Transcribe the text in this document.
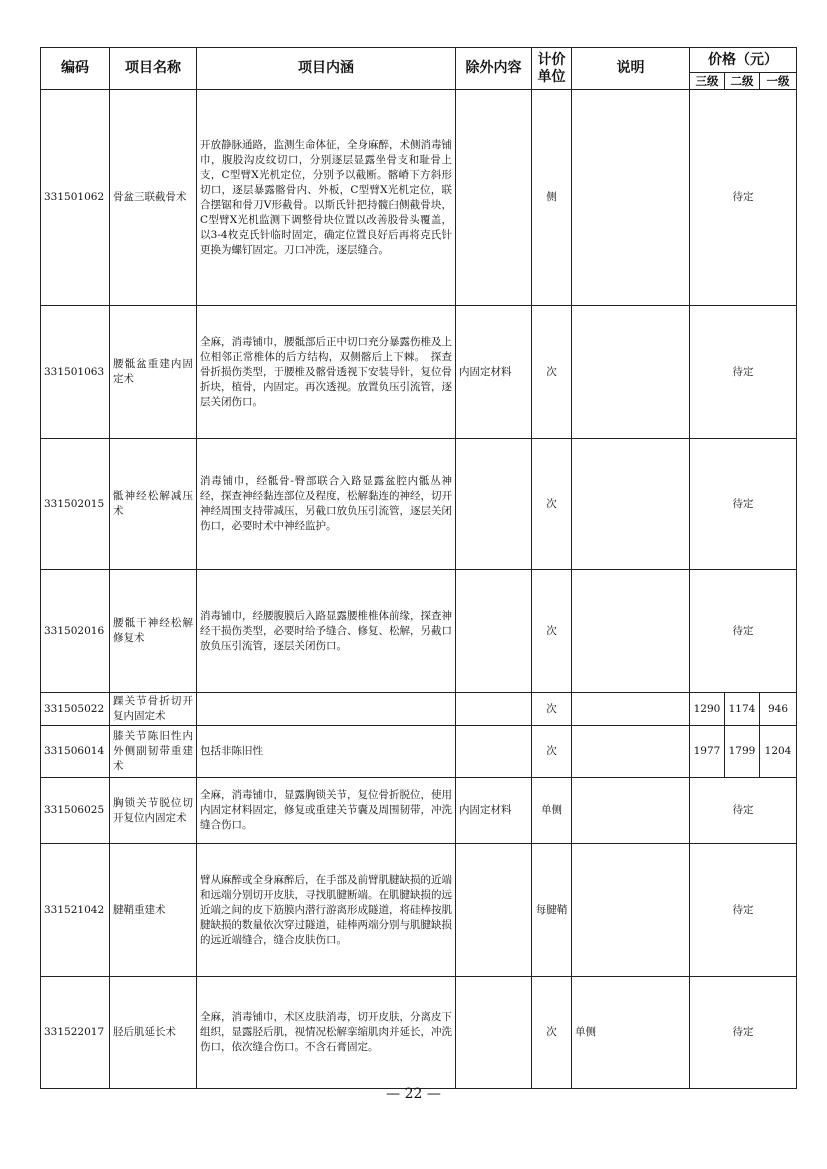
编码	项目名称	项目内涵	除外内容	计价单位	说明	价格（元）		
						三级	二级	一级
331501062	骨盆三联截骨术	开放静脉通路，监测生命体征，全身麻醉，术侧消毒铺巾，腹股沟皮纹切口，分别逐层显露坐骨支和耻骨上支，C型臂X光机定位，分别予以截断。髂嵴下方斜形切口，逐层暴露髂骨内、外板，C型臂X光机定位，联合摆锯和骨刀V形截骨。以斯氏针把持髋臼侧截骨块，C型臂X光机监测下调整骨块位置以改善股骨头覆盖，以3-4枚克氏针临时固定，确定位置良好后再将克氏针更换为螺钉固定。刀口冲洗，逐层缝合。		侧		待定		
331501063	腰骶盆重建内固定术	全麻，消毒铺巾，腰骶部后正中切口充分暴露伤椎及上位相邻正常椎体的后方结构，双侧髂后上下棘。　探查骨折损伤类型，于腰椎及髂骨透视下安装导针，复位骨折块，植骨，内固定。再次透视。放置负压引流管，逐层关闭伤口。	内固定材料	次		待定		
331502015	骶神经松解减压术	消毒铺巾，经骶骨-臀部联合入路显露盆腔内骶丛神经，探查神经黏连部位及程度，松解黏连的神经，切开神经周围支持带减压，另截口放负压引流管，逐层关闭伤口，必要时术中神经监护。		次		待定		
331502016	腰骶干神经松解修复术	消毒铺巾，经腰腹膜后入路显露腰椎椎体前缘，探查神经干损伤类型，必要时给予缝合、修复、松解，另截口放负压引流管，逐层关闭伤口。		次		待定		
331505022	踝关节骨折切开复内固定术			次		1290	1174	946
331506014	膝关节陈旧性内外侧副韧带重建术	包括非陈旧性		次		1977	1799	1204
331506025	胸锁关节脱位切开复位内固定术	全麻，消毒铺巾，显露胸锁关节，复位骨折脱位，使用内固定材料固定，修复或重建关节囊及周围韧带，冲洗缝合伤口。	内固定材料	单侧		待定		
331521042	腱鞘重建术	臂从麻醉或全身麻醉后，在手部及前臂肌腱缺损的近端和远端分别切开皮肤，寻找肌腱断端。在肌腱缺损的远近端之间的皮下筋膜内潜行游离形成隧道，将硅棒按肌腱缺损的数量依次穿过隧道，硅棒两端分别与肌腱缺损的远近端缝合，缝合皮肤伤口。		每腱鞘		待定		
331522017	胫后肌延长术	全麻，消毒铺巾，术区皮肤消毒，切开皮肤，分离皮下组织，显露胫后肌，视情况松解挛缩肌肉并延长，冲洗伤口，依次缝合伤口。不含石膏固定。		次	单侧	待定		
— 22 —
